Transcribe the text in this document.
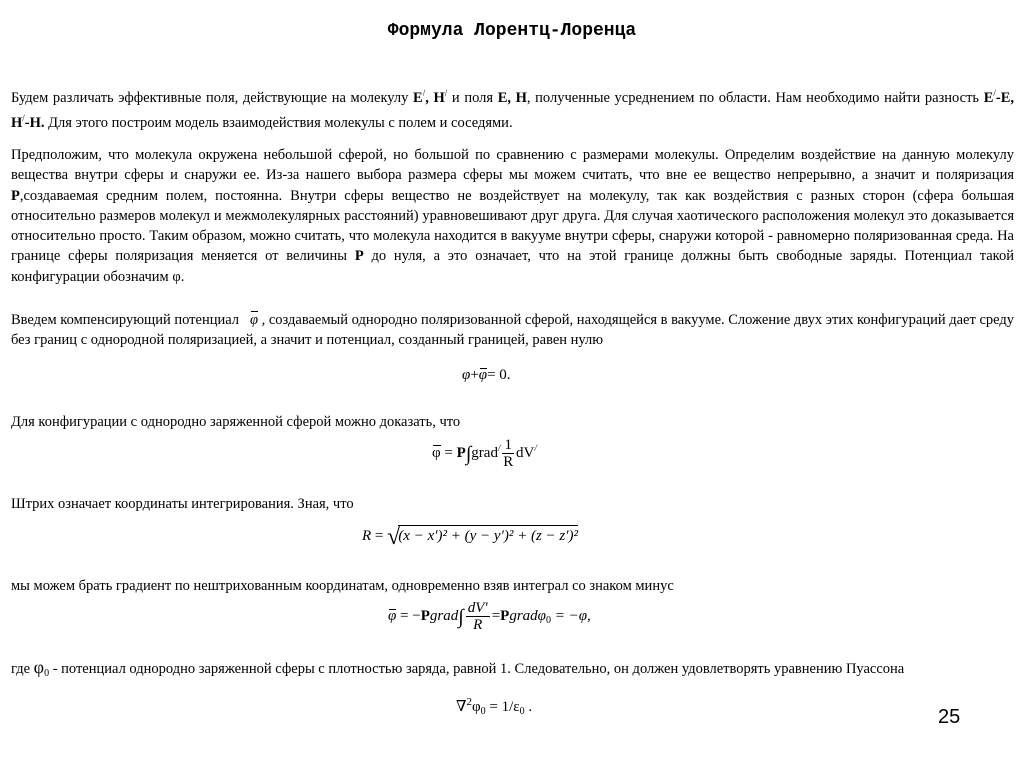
Формула Лорентц-Лоренца

Будем различать эффективные поля, действующие на молекулу E/, H/ и поля E, H, полученные усреднением по области. Нам необходимо найти разность E/-E, H/-H. Для этого построим модель взаимодействия молекулы с полем и соседями.

Предположим, что молекула окружена небольшой сферой, но большой по сравнению с размерами молекулы. Определим воздействие на данную молекулу вещества внутри сферы и снаружи ее. Из-за нашего выбора размера сферы мы можем считать, что вне ее вещество непрерывно, а значит и поляризация P,создаваемая средним полем, постоянна. Внутри сферы вещество не воздействует на молекулу, так как воздействия с разных сторон (сфера большая относительно размеров молекул и межмолекулярных расстояний) уравновешивают друг друга. Для случая хаотического расположения молекул это доказывается относительно просто. Таким образом, можно считать, что молекула находится в вакууме внутри сферы, снаружи которой - равномерно поляризованная среда. На границе сферы поляризация меняется от величины P до нуля, а это означает, что на этой границе должны быть свободные заряды. Потенциал такой конфигурации обозначим φ.

Введем компенсирующий потенциал   φ , создаваемый однородно поляризованной сферой, находящейся в вакууме. Сложение двух этих конфигураций дает среду без границ с однородной поляризацией, а значит и потенциал, созданный границей, равен нулю

φ+φ= 0.

Для конфигурации с однородно заряженной сферой можно доказать, что

φ = P∫grad/ $\frac{1}{R} dV^/$

Штрих означает координаты интегрирования. Зная, что

R = √(x − x′)² + (y − y′)² + (z − z′)²

мы можем брать градиент по нештрихованным координатам, одновременно взяв интеграл со знаком минус

φ = −Pgrad∫ $\frac{dV'}{R}$ =Pgradφ$_0$ = −φ,

где $\varphi_0$ - потенциал однородно заряженной сферы с плотностью заряда, равной 1. Следовательно, он должен удовлетворять уравнению Пуассона

$\nabla^2\varphi_0 = 1/\varepsilon_0$ .	25
